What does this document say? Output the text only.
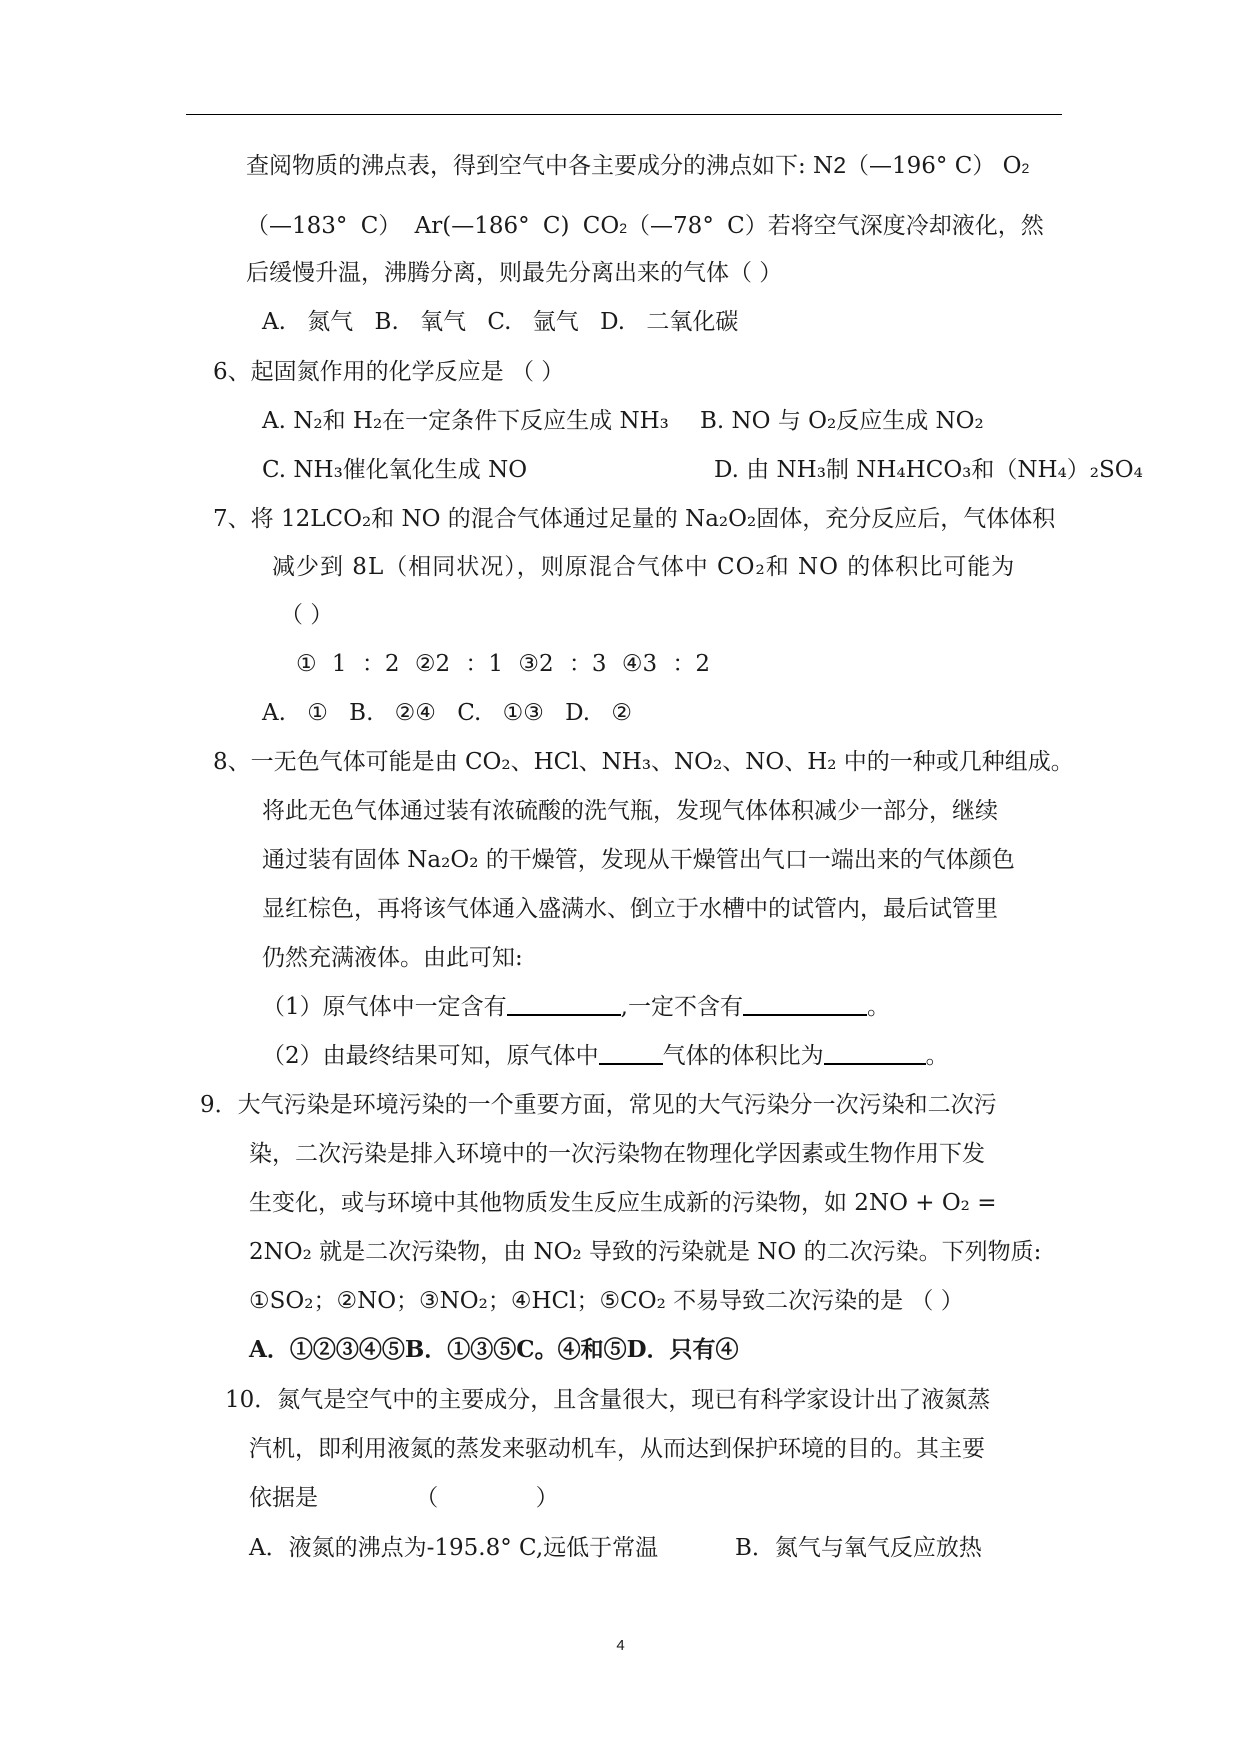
查阅物质的沸点表，得到空气中各主要成分的沸点如下: N2（—196° C） O2
（—183° C） Ar(—186° C) CO2（—78° C）若将空气深度冷却液化，然
后缓慢升温，沸腾分离，则最先分离出来的气体（ ）
A. 氮气 B. 氧气 C. 氩气 D. 二氧化碳
6、起固氮作用的化学反应是 （ ）
A. N₂和 H₂在一定条件下反应生成 NH₃ B. NO 与 O₂反应生成 NO₂
C. NH₃催化氧化生成 NO	D. 由 NH₃制 NH₄HCO₃和（NH₄）₂SO₄
7、将 12LCO₂和 NO 的混合气体通过足量的 Na₂O₂固体，充分反应后，气体体积
减少到 8L（相同状况），则原混合气体中 CO₂和 NO 的体积比可能为
（ ）
① 1 ：2 ②2 ：1 ③2 ：3 ④3 ：2
A. ① B. ②④ C. ①③ D. ②
8、一无色气体可能是由 CO₂、HCl、NH₃、NO₂、NO、H₂ 中的一种或几种组成。
将此无色气体通过装有浓硫酸的洗气瓶，发现气体体积减少一部分，继续
通过装有固体 Na₂O₂ 的干燥管，发现从干燥管出气口一端出来的气体颜色
显红棕色，再将该气体通入盛满水、倒立于水槽中的试管内，最后试管里
仍然充满液体。由此可知:
（1）原气体中一定含有	,一定不含有	。
（2）由最终结果可知，原气体中	气体的体积比为	。
9．大气污染是环境污染的一个重要方面，常见的大气污染分一次污染和二次污
染，二次污染是排入环境中的一次污染物在物理化学因素或生物作用下发
生变化，或与环境中其他物质发生反应生成新的污染物，如 2NO + O₂ =
2NO₂ 就是二次污染物，由 NO₂ 导致的污染就是 NO 的二次污染。下列物质:
①SO₂；②NO；③NO₂；④HCl；⑤CO₂ 不易导致二次污染的是 （ ）
A．①②③④⑤B．①③⑤C。④和⑤D．只有④
10．氮气是空气中的主要成分，且含量很大，现已有科学家设计出了液氮蒸
汽机，即利用液氮的蒸发来驱动机车，从而达到保护环境的目的。其主要
依据是 （ ）
A．液氮的沸点为-195.8° C,远低于常温	B．氮气与氧气反应放热
4
